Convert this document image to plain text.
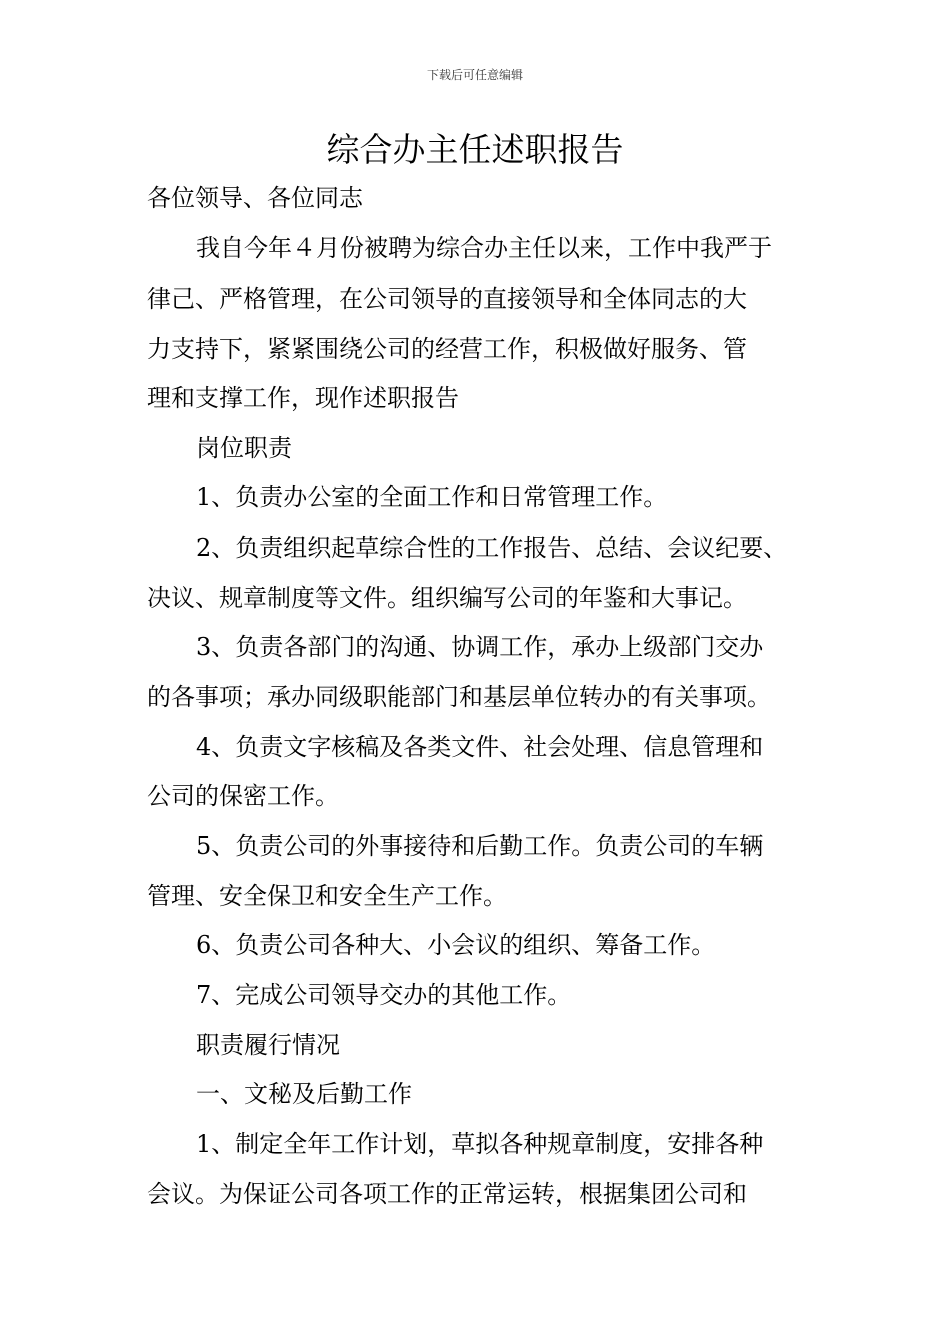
下载后可任意编辑
综合办主任述职报告
各位领导、各位同志
我自今年４月份被聘为综合办主任以来，工作中我严于
律己、严格管理，在公司领导的直接领导和全体同志的大
力支持下，紧紧围绕公司的经营工作，积极做好服务、管
理和支撑工作，现作述职报告
岗位职责
1、负责办公室的全面工作和日常管理工作。
2、负责组织起草综合性的工作报告、总结、会议纪要、
决议、规章制度等文件。组织编写公司的年鉴和大事记。
3、负责各部门的沟通、协调工作，承办上级部门交办
的各事项；承办同级职能部门和基层单位转办的有关事项。
4、负责文字核稿及各类文件、社会处理、信息管理和
公司的保密工作。
5、负责公司的外事接待和后勤工作。负责公司的车辆
管理、安全保卫和安全生产工作。
6、负责公司各种大、小会议的组织、筹备工作。
7、完成公司领导交办的其他工作。
职责履行情况
一、文秘及后勤工作
1、制定全年工作计划，草拟各种规章制度，安排各种
会议。为保证公司各项工作的正常运转，根据集团公司和
